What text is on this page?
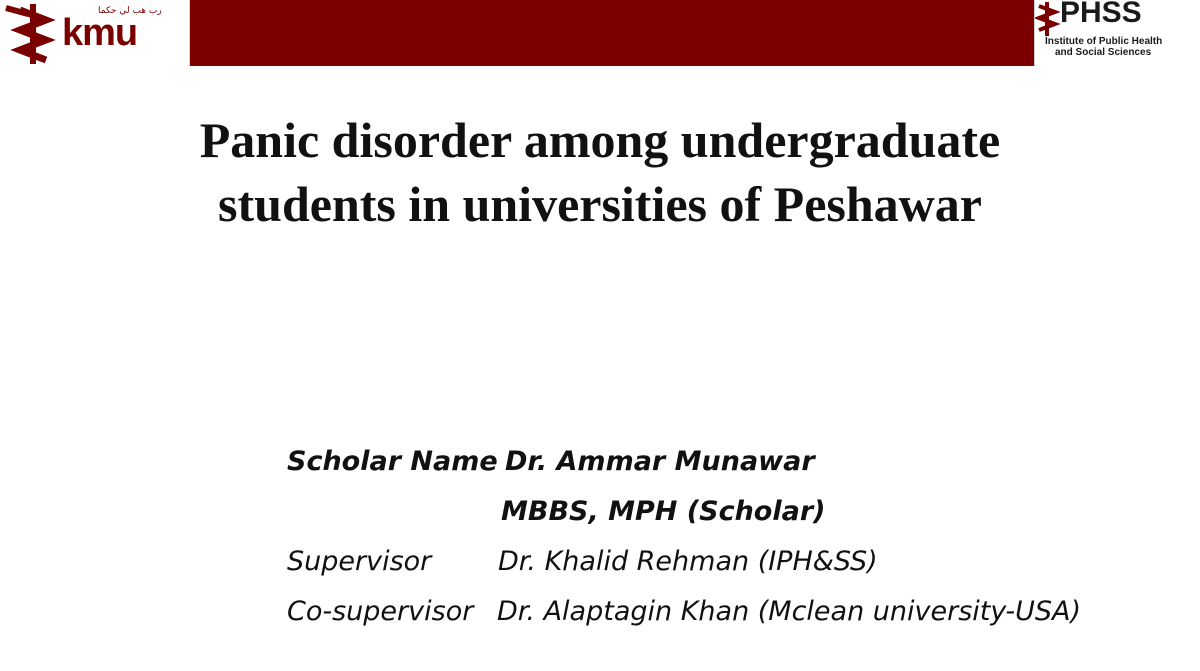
رب هب لي حكما
kmu	PHSS
Institute of Public Health
and Social Sciences
Panic disorder among undergraduate
students in universities of Peshawar
Scholar Name Dr. Ammar Munawar
MBBS, MPH (Scholar)
Supervisor Dr. Khalid Rehman (IPH&SS)
Co-supervisor Dr. Alaptagin Khan (Mclean university-USA)
